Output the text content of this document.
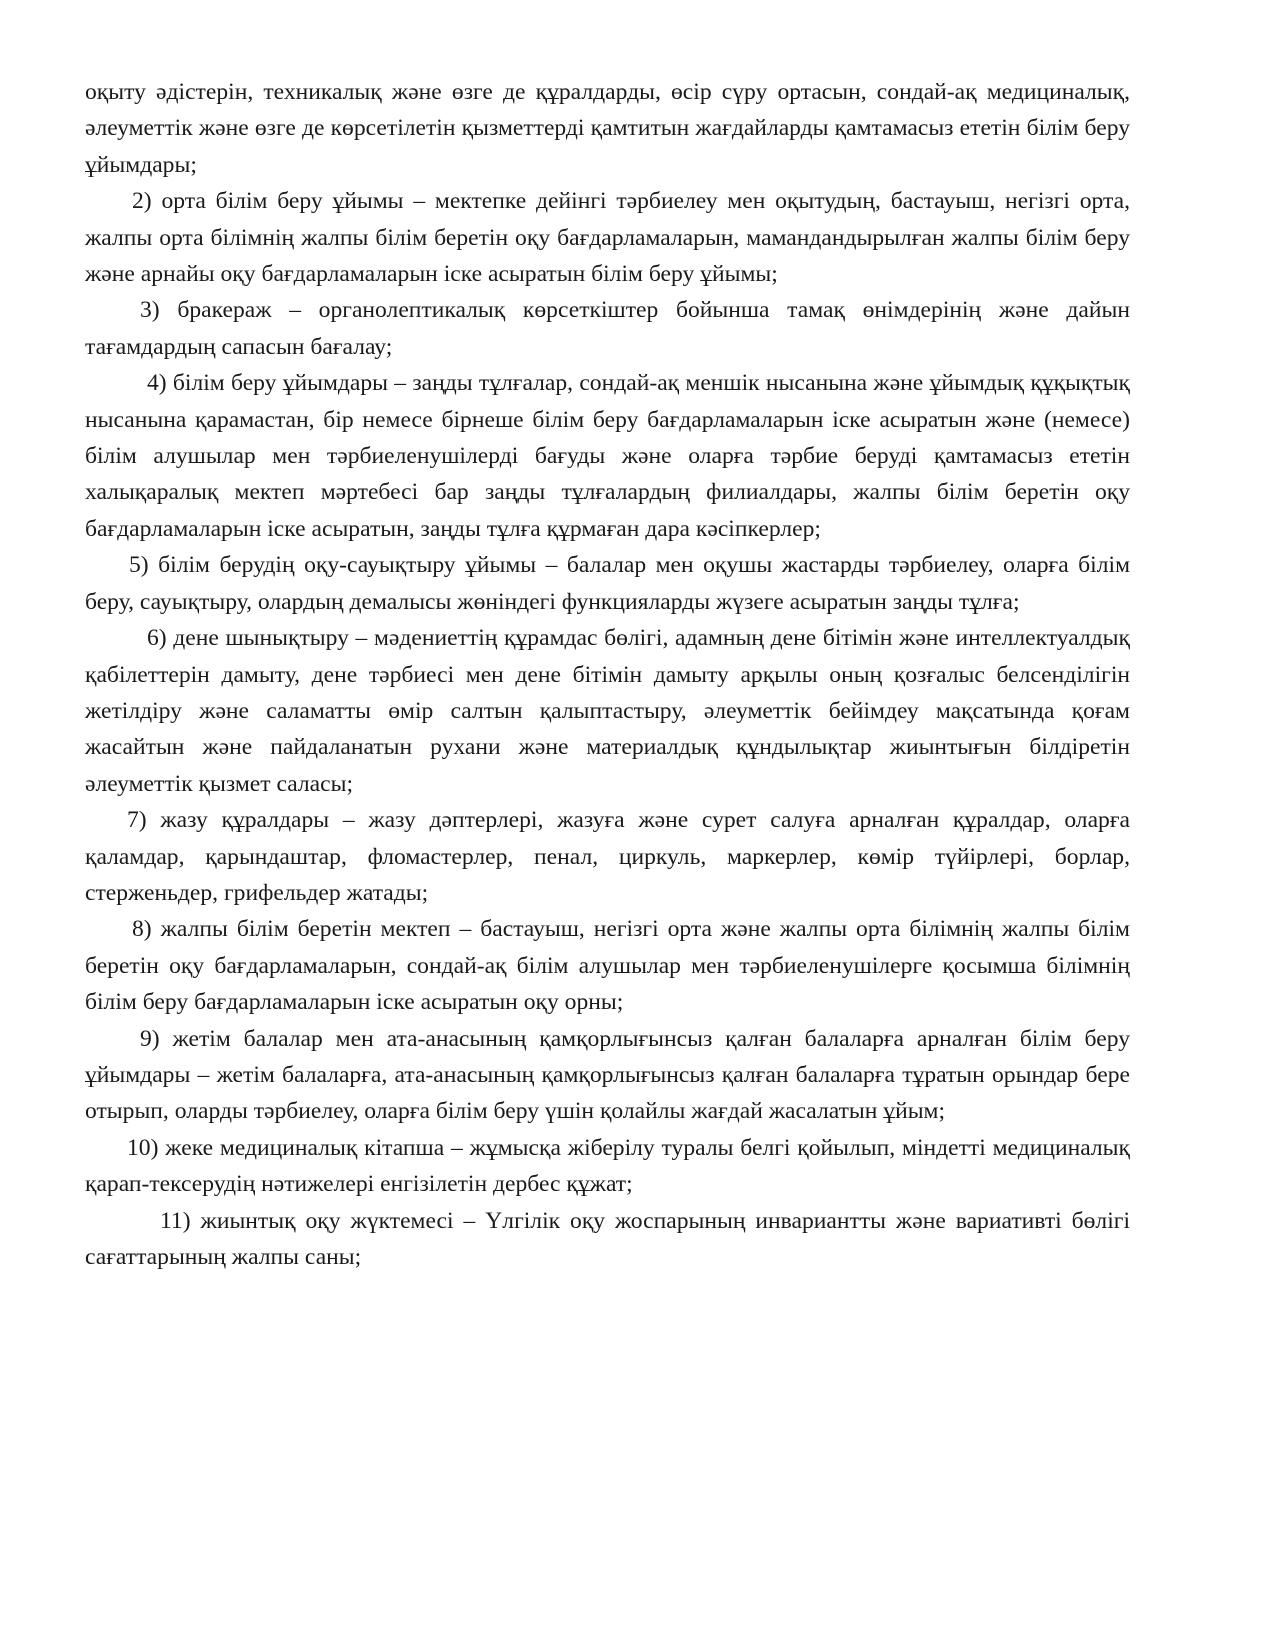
оқыту әдістерін, техникалық және өзге де құралдарды, өсір сүру ортасын, сондай-ақ медициналық, әлеуметтік және өзге де көрсетілетін қызметтерді қамтитын жағдайларды қамтамасыз ететін білім беру ұйымдары;

2) орта білім беру ұйымы – мектепке дейінгі тәрбиелеу мен оқытудың, бастауыш, негізгі орта, жалпы орта білімнің жалпы білім беретін оқу бағдарламаларын, мамандандырылған жалпы білім беру және арнайы оқу бағдарламаларын іске асыратын білім беру ұйымы;

3) бракераж – органолептикалық көрсеткіштер бойынша тамақ өнімдерінің және дайын тағамдардың сапасын бағалау;

4) білім беру ұйымдары – заңды тұлғалар, сондай-ақ меншік нысанына және ұйымдық құқықтық нысанына қарамастан, бір немесе бірнеше білім беру бағдарламаларын іске асыратын және (немесе) білім алушылар мен тәрбиеленушілерді бағуды және оларға тәрбие беруді қамтамасыз ететін халықаралық мектеп мәртебесі бар заңды тұлғалардың филиалдары, жалпы білім беретін оқу бағдарламаларын іске асыратын, заңды тұлға құрмаған дара кәсіпкерлер;

5) білім берудің оқу-сауықтыру ұйымы – балалар мен оқушы жастарды тәрбиелеу, оларға білім беру, сауықтыру, олардың демалысы жөніндегі функцияларды жүзеге асыратын заңды тұлға;

6) дене шынықтыру – мәдениеттің құрамдас бөлігі, адамның дене бітімін және интеллектуалдық қабілеттерін дамыту, дене тәрбиесі мен дене бітімін дамыту арқылы оның қозғалыс белсенділігін жетілдіру және саламатты өмір салтын қалыптастыру, әлеуметтік бейімдеу мақсатында қоғам жасайтын және пайдаланатын рухани және материалдық құндылықтар жиынтығын білдіретін әлеуметтік қызмет саласы;

7) жазу құралдары – жазу дәптерлері, жазуға және сурет салуға арналған құралдар, оларға қаламдар, қарындаштар, фломастерлер, пенал, циркуль, маркерлер, көмір түйірлері, борлар, стерженьдер, грифельдер жатады;

8) жалпы білім беретін мектеп – бастауыш, негізгі орта және жалпы орта білімнің жалпы білім беретін оқу бағдарламаларын, сондай-ақ білім алушылар мен тәрбиеленушілерге қосымша білімнің білім беру бағдарламаларын іске асыратын оқу орны;

9) жетім балалар мен ата-анасының қамқорлығынсыз қалған балаларға арналған білім беру ұйымдары – жетім балаларға, ата-анасының қамқорлығынсыз қалған балаларға тұратын орындар бере отырып, оларды тәрбиелеу, оларға білім беру үшін қолайлы жағдай жасалатын ұйым;

10) жеке медициналық кітапша – жұмысқа жіберілу туралы белгі қойылып, міндетті медициналық қарап-тексерудің нәтижелері енгізілетін дербес құжат;

11) жиынтық оқу жүктемесі – Үлгілік оқу жоспарының инвариантты және вариативті бөлігі сағаттарының жалпы саны;
